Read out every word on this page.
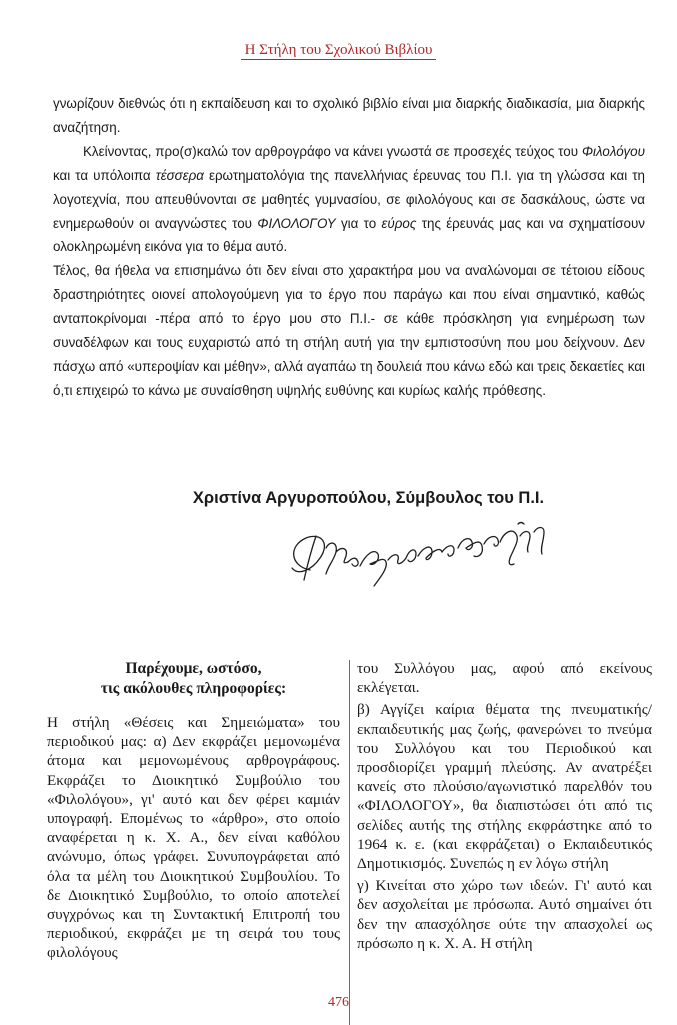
Η Στήλη του Σχολικού Βιβλίου

γνωρίζουν διεθνώς ότι η εκπαίδευση και το σχολικό βιβλίο είναι μια διαρκής διαδικασία, μια διαρκής αναζήτηση.

Κλείνοντας, προ(σ)καλώ τον αρθρογράφο να κάνει γνωστά σε προσεχές τεύχος του Φιλολόγου και τα υπόλοιπα τέσσερα ερωτηματολόγια της πανελλήνιας έρευνας του Π.Ι. για τη γλώσσα και τη λογοτεχνία, που απευθύνονται σε μαθητές γυμνασίου, σε φιλολόγους και σε δασκάλους, ώστε να ενημερωθούν οι αναγνώστες του ΦΙΛΟΛΟΓΟΥ για το εύρος της έρευνάς μας και να σχηματίσουν ολοκληρωμένη εικόνα για το θέμα αυτό.

Τέλος, θα ήθελα να επισημάνω ότι δεν είναι στο χαρακτήρα μου να αναλώνομαι σε τέτοιου είδους δραστηριότητες οιονεί απολογούμενη για το έργο που παράγω και που είναι σημαντικό, καθώς ανταποκρίνομαι -πέρα από το έργο μου στο Π.Ι.- σε κάθε πρόσκληση για ενημέρωση των συναδέλφων και τους ευχαριστώ από τη στήλη αυτή για την εμπιστοσύνη που μου δείχνουν. Δεν πάσχω από «υπεροψίαν και μέθην», αλλά αγαπάω τη δουλειά που κάνω εδώ και τρεις δεκαετίες και ό,τι επιχειρώ το κάνω με συναίσθηση υψηλής ευθύνης και κυρίως καλής πρόθεσης.

Χριστίνα Αργυροπούλου, Σύμβουλος του Π.Ι.
Παρέχουμε, ωστόσο,
τις ακόλουθες πληροφορίες:

Η στήλη «Θέσεις και Σημειώματα» του περιοδικού μας: α) Δεν εκφράζει μεμονωμένα άτομα και μεμονωμένους αρθρογράφους. Εκφράζει το Διοικητικό Συμβούλιο του «Φιλολόγου», γι' αυτό και δεν φέρει καμιάν υπογραφή. Επομένως το «άρθρο», στο οποίο αναφέρεται η κ. Χ. Α., δεν είναι καθόλου ανώνυμο, όπως γράφει. Συνυπογράφεται από όλα τα μέλη του Διοικητικού Συμβουλίου. Το δε Διοικητικό Συμβούλιο, το οποίο αποτελεί συγχρόνως και τη Συντακτική Επιτροπή του περιοδικού, εκφράζει με τη σειρά του τους φιλολόγους

του Συλλόγου μας, αφού από εκείνους εκλέγεται.

β) Αγγίζει καίρια θέματα της πνευματικής/εκπαιδευτικής μας ζωής, φανερώνει το πνεύμα του Συλλόγου και του Περιοδικού και προσδιορίζει γραμμή πλεύσης. Αν ανατρέξει κανείς στο πλούσιο/αγωνιστικό παρελθόν του «ΦΙΛΟΛΟΓΟΥ», θα διαπιστώσει ότι από τις σελίδες αυτής της στήλης εκφράστηκε από το 1964 κ. ε. (και εκφράζεται) ο Εκπαιδευτικός Δημοτικισμός. Συνεπώς η εν λόγω στήλη

γ) Κινείται στο χώρο των ιδεών. Γι' αυτό και δεν ασχολείται με πρόσωπα. Αυτό σημαίνει ότι δεν την απασχόλησε ούτε την απασχολεί ως πρόσωπο η κ. Χ. Α. Η στήλη

476
